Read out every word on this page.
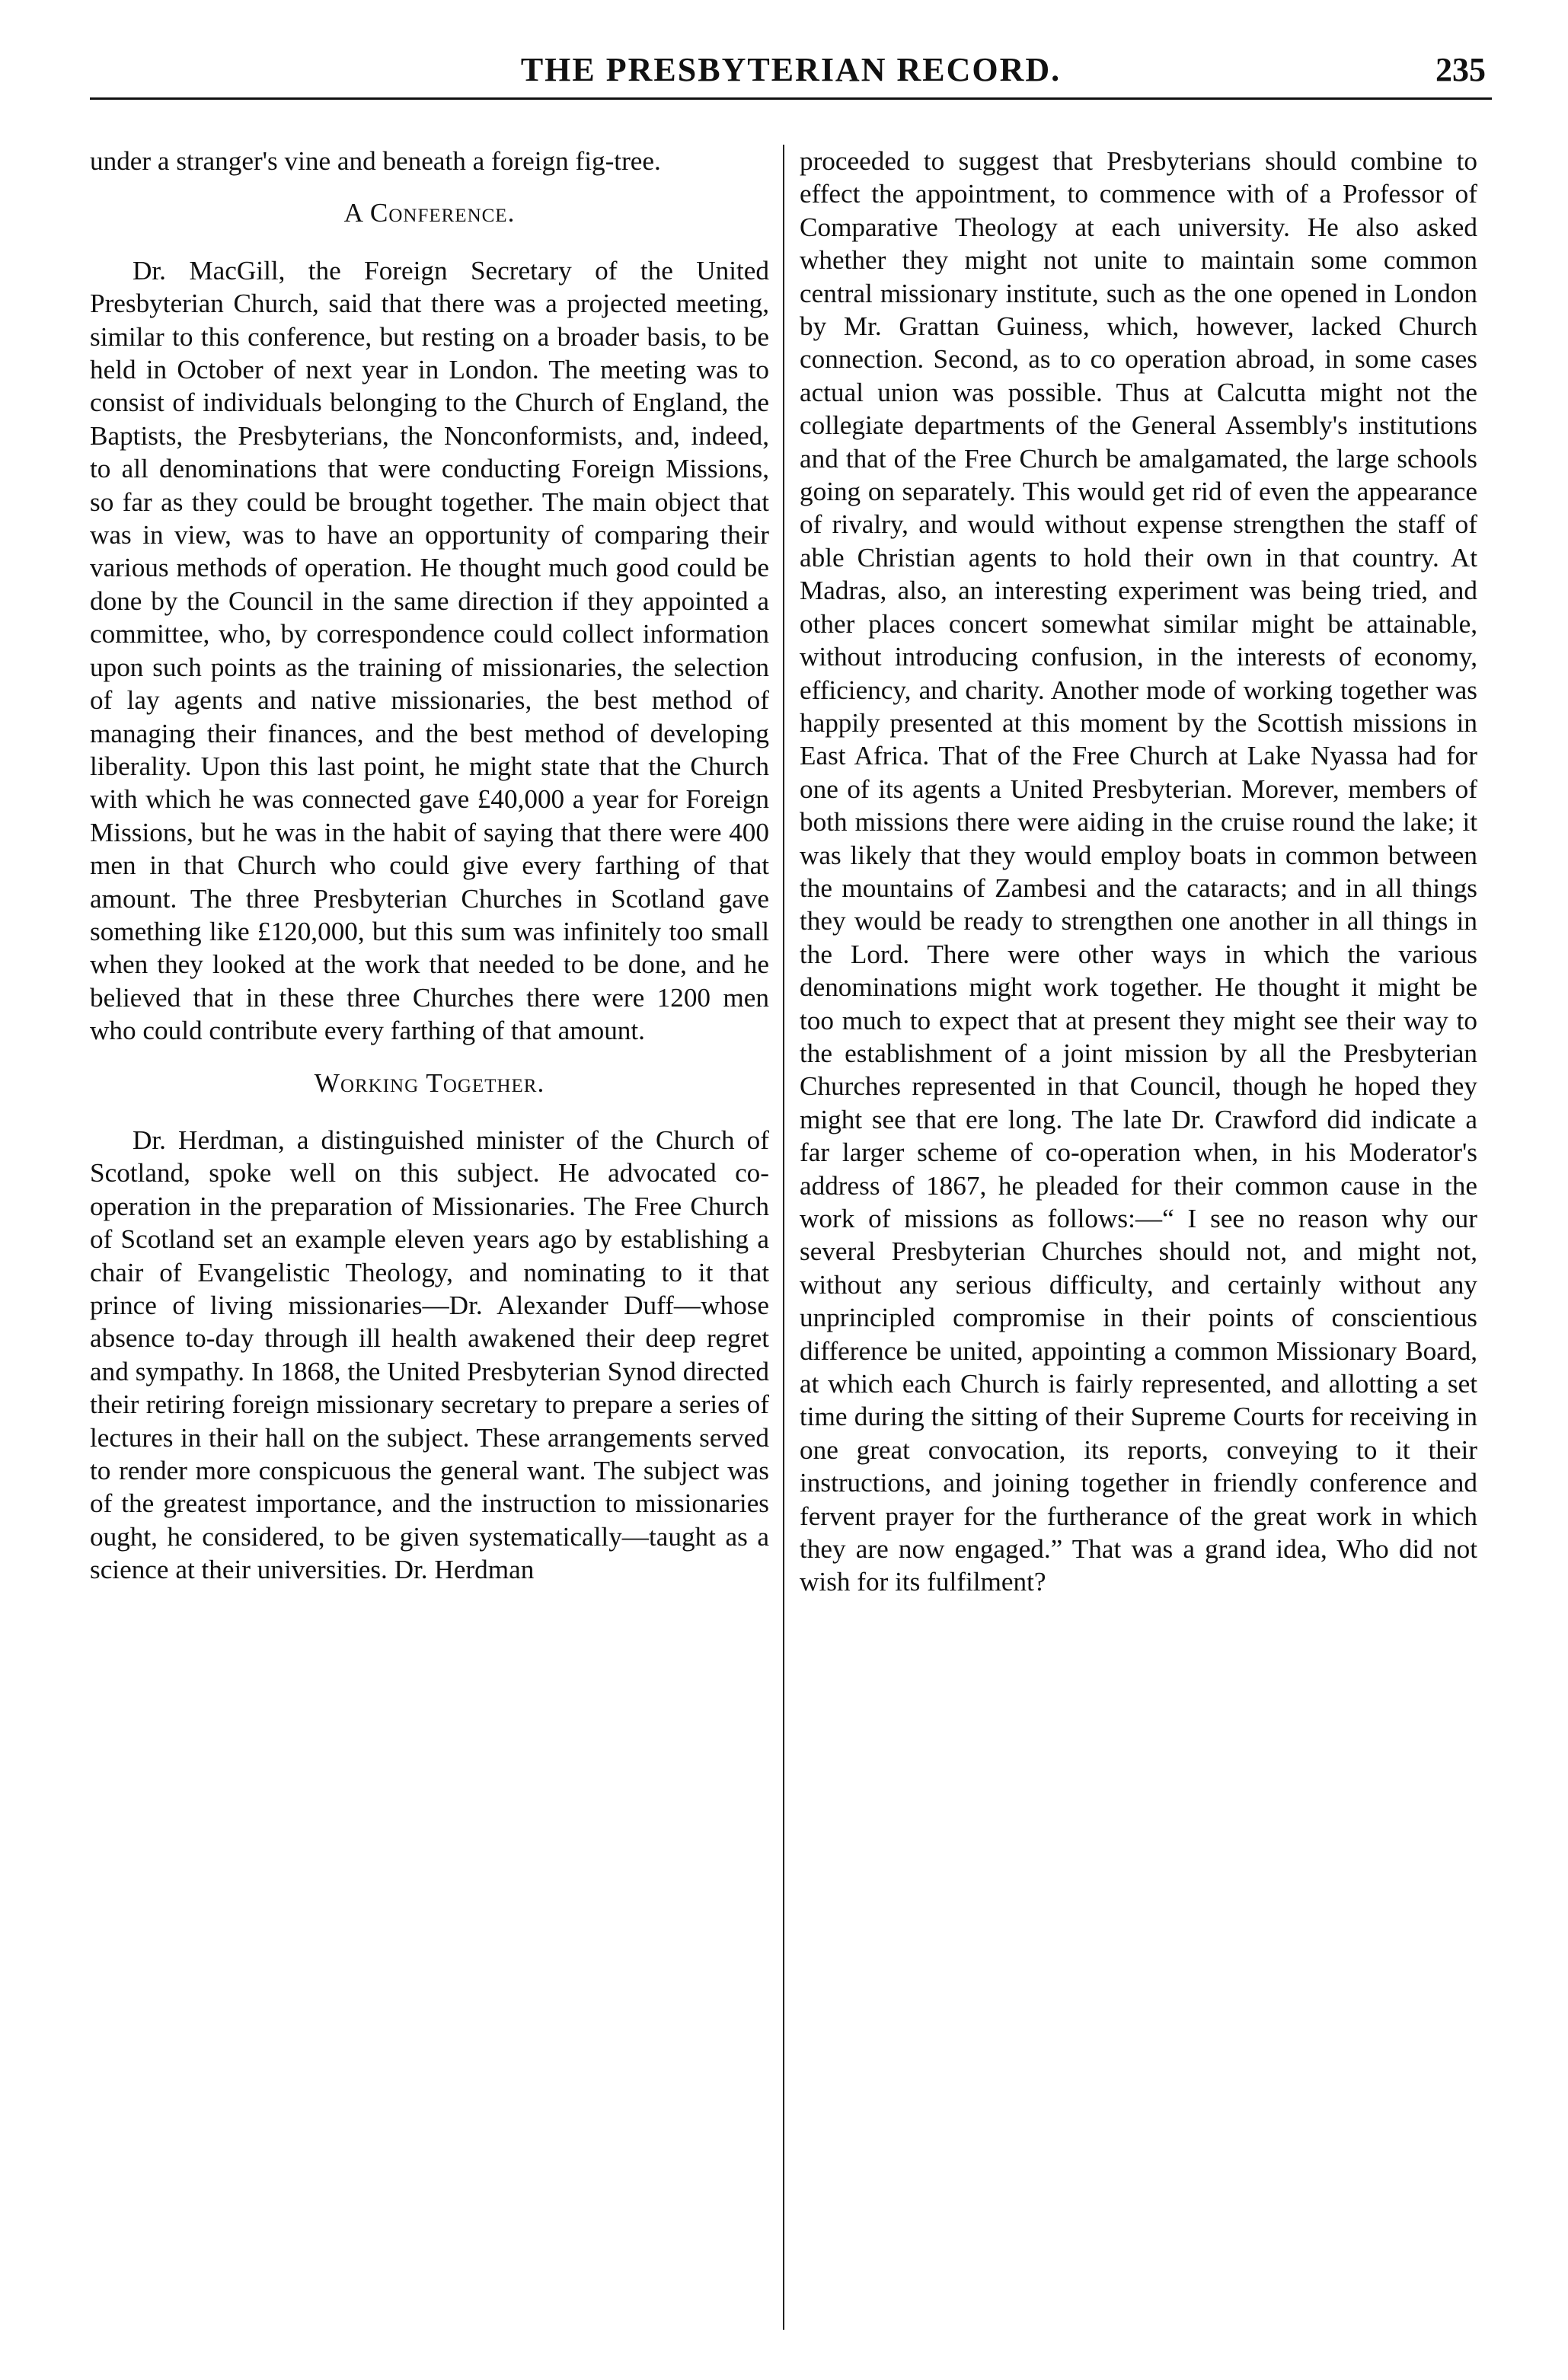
THE PRESBYTERIAN RECORD.	235

under a stranger's vine and beneath a foreign fig-tree.

A Conference.

Dr. MacGill, the Foreign Secretary of the United Presbyterian Church, said that there was a projected meeting, similar to this conference, but resting on a broader basis, to be held in October of next year in London. The meeting was to consist of individuals belonging to the Church of England, the Baptists, the Presbyterians, the Nonconformists, and, indeed, to all denominations that were conducting Foreign Missions, so far as they could be brought together. The main object that was in view, was to have an opportunity of comparing their various methods of operation. He thought much good could be done by the Council in the same direction if they appointed a committee, who, by correspondence could collect information upon such points as the training of missionaries, the selection of lay agents and native missionaries, the best method of managing their finances, and the best method of developing liberality. Upon this last point, he might state that the Church with which he was connected gave £40,000 a year for Foreign Missions, but he was in the habit of saying that there were 400 men in that Church who could give every farthing of that amount. The three Presbyterian Churches in Scotland gave something like £120,000, but this sum was infinitely too small when they looked at the work that needed to be done, and he believed that in these three Churches there were 1200 men who could contribute every farthing of that amount.

Working Together.

Dr. Herdman, a distinguished minister of the Church of Scotland, spoke well on this subject. He advocated co-operation in the preparation of Missionaries. The Free Church of Scotland set an example eleven years ago by establishing a chair of Evangelistic Theology, and nominating to it that prince of living missionaries—Dr. Alexander Duff—whose absence to-day through ill health awakened their deep regret and sympathy. In 1868, the United Presbyterian Synod directed their retiring foreign missionary secretary to prepare a series of lectures in their hall on the subject. These arrangements served to render more conspicuous the general want. The subject was of the greatest importance, and the instruction to missionaries ought, he considered, to be given systematically—taught as a science at their universities. Dr. Herdman

proceeded to suggest that Presbyterians should combine to effect the appointment, to commence with of a Professor of Comparative Theology at each university. He also asked whether they might not unite to maintain some common central missionary institute, such as the one opened in London by Mr. Grattan Guiness, which, however, lacked Church connection. Second, as to co operation abroad, in some cases actual union was possible. Thus at Calcutta might not the collegiate departments of the General Assembly's institutions and that of the Free Church be amalgamated, the large schools going on separately. This would get rid of even the appearance of rivalry, and would without expense strengthen the staff of able Christian agents to hold their own in that country. At Madras, also, an interesting experiment was being tried, and other places concert somewhat similar might be attainable, without introducing confusion, in the interests of economy, efficiency, and charity. Another mode of working together was happily presented at this moment by the Scottish missions in East Africa. That of the Free Church at Lake Nyassa had for one of its agents a United Presbyterian. Morever, members of both missions there were aiding in the cruise round the lake; it was likely that they would employ boats in common between the mountains of Zambesi and the cataracts; and in all things they would be ready to strengthen one another in all things in the Lord. There were other ways in which the various denominations might work together. He thought it might be too much to expect that at present they might see their way to the establishment of a joint mission by all the Presbyterian Churches represented in that Council, though he hoped they might see that ere long. The late Dr. Crawford did indicate a far larger scheme of co-operation when, in his Moderator's address of 1867, he pleaded for their common cause in the work of missions as follows:—“ I see no reason why our several Presbyterian Churches should not, and might not, without any serious difficulty, and certainly without any unprincipled compromise in their points of conscientious difference be united, appointing a common Missionary Board, at which each Church is fairly represented, and allotting a set time during the sitting of their Supreme Courts for receiving in one great convocation, its reports, conveying to it their instructions, and joining together in friendly conference and fervent prayer for the furtherance of the great work in which they are now engaged.” That was a grand idea, Who did not wish for its fulfilment?
